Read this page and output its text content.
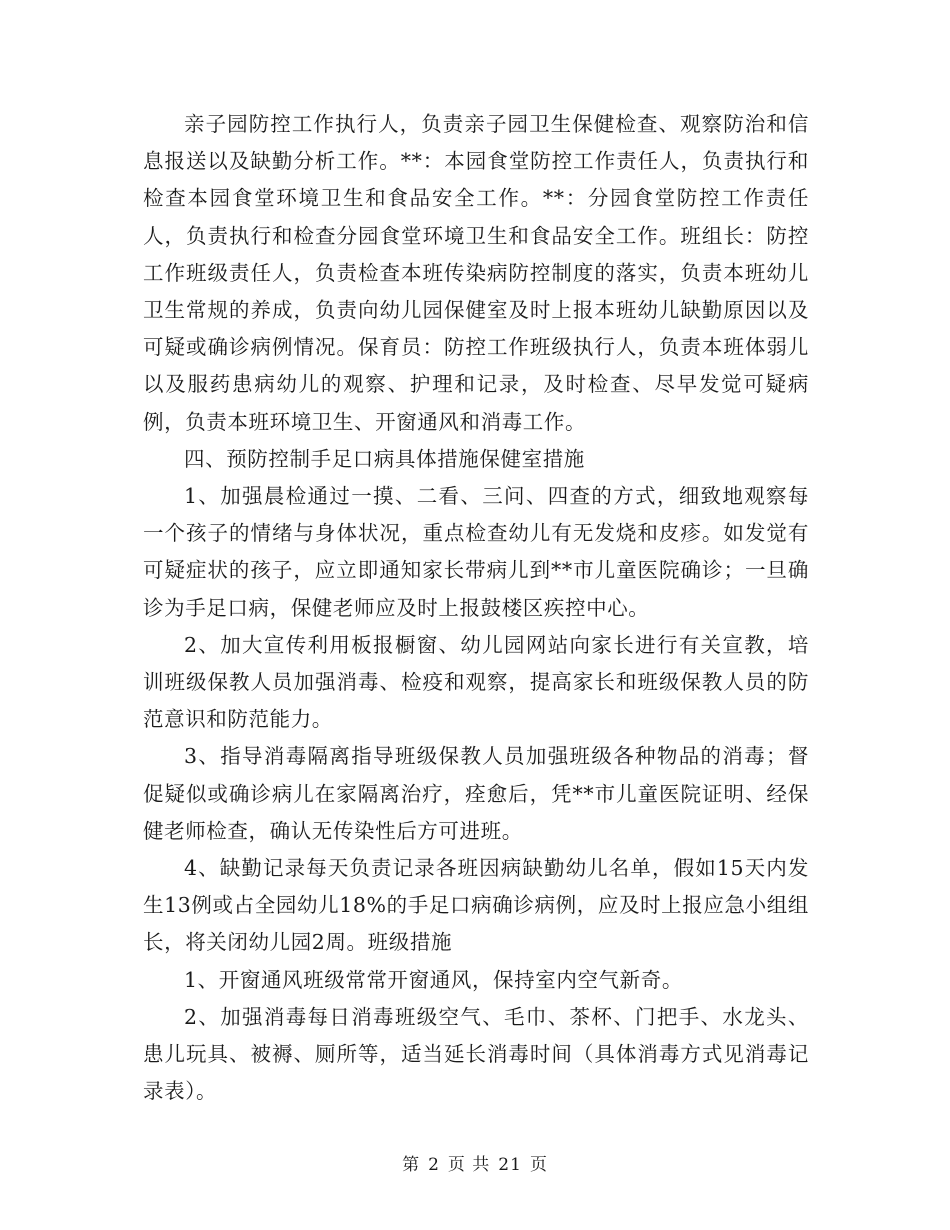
亲子园防控工作执行人，负责亲子园卫生保健检查、观察防治和信息报送以及缺勤分析工作。**：本园食堂防控工作责任人，负责执行和检查本园食堂环境卫生和食品安全工作。**：分园食堂防控工作责任人，负责执行和检查分园食堂环境卫生和食品安全工作。班组长：防控工作班级责任人，负责检查本班传染病防控制度的落实，负责本班幼儿卫生常规的养成，负责向幼儿园保健室及时上报本班幼儿缺勤原因以及可疑或确诊病例情况。保育员：防控工作班级执行人，负责本班体弱儿以及服药患病幼儿的观察、护理和记录，及时检查、尽早发觉可疑病例，负责本班环境卫生、开窗通风和消毒工作。

四、预防控制手足口病具体措施保健室措施

1、加强晨检通过一摸、二看、三问、四查的方式，细致地观察每一个孩子的情绪与身体状况，重点检查幼儿有无发烧和皮疹。如发觉有可疑症状的孩子，应立即通知家长带病儿到**市儿童医院确诊；一旦确诊为手足口病，保健老师应及时上报鼓楼区疾控中心。

2、加大宣传利用板报橱窗、幼儿园网站向家长进行有关宣教，培训班级保教人员加强消毒、检疫和观察，提高家长和班级保教人员的防范意识和防范能力。

3、指导消毒隔离指导班级保教人员加强班级各种物品的消毒；督促疑似或确诊病儿在家隔离治疗，痊愈后，凭**市儿童医院证明、经保健老师检查，确认无传染性后方可进班。

4、缺勤记录每天负责记录各班因病缺勤幼儿名单，假如15天内发生13例或占全园幼儿18%的手足口病确诊病例，应及时上报应急小组组长，将关闭幼儿园2周。班级措施

1、开窗通风班级常常开窗通风，保持室内空气新奇。

2、加强消毒每日消毒班级空气、毛巾、茶杯、门把手、水龙头、患儿玩具、被褥、厕所等，适当延长消毒时间（具体消毒方式见消毒记录表）。

第 2 页 共 21 页
